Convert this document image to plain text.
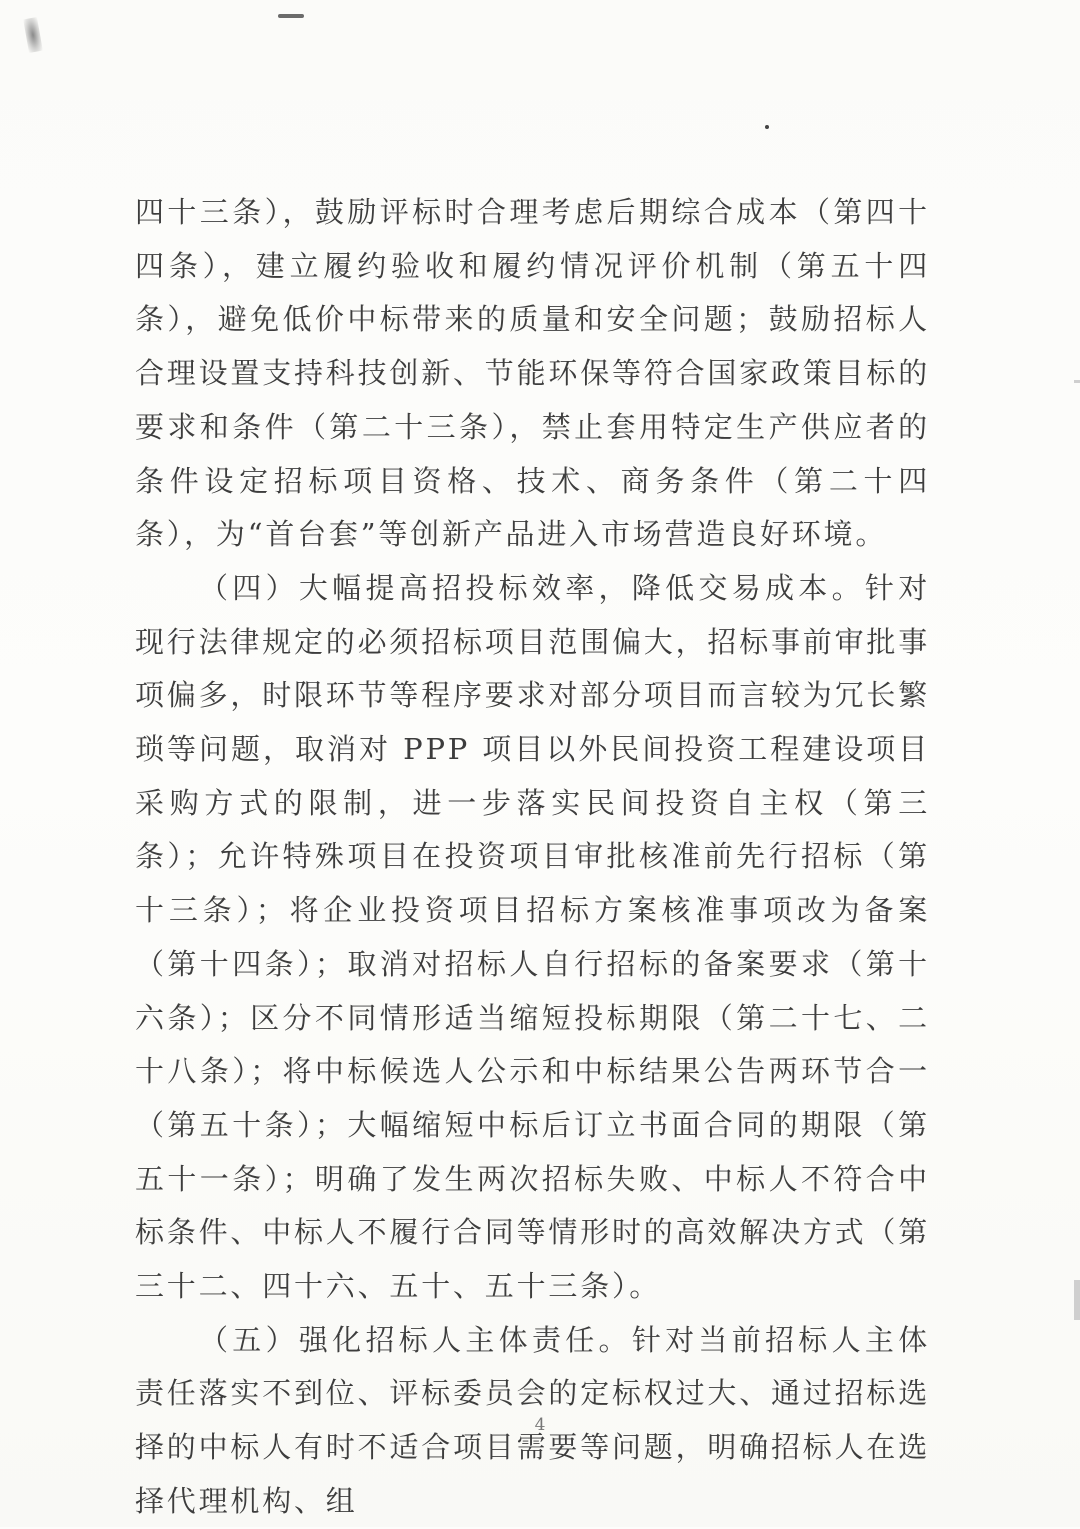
四十三条），鼓励评标时合理考虑后期综合成本（第四十四条），建立履约验收和履约情况评价机制（第五十四条），避免低价中标带来的质量和安全问题；鼓励招标人合理设置支持科技创新、节能环保等符合国家政策目标的要求和条件（第二十三条），禁止套用特定生产供应者的条件设定招标项目资格、技术、商务条件（第二十四条），为“首台套”等创新产品进入市场营造良好环境。

（四）大幅提高招投标效率，降低交易成本。针对现行法律规定的必须招标项目范围偏大，招标事前审批事项偏多，时限环节等程序要求对部分项目而言较为冗长繁琐等问题，取消对 PPP 项目以外民间投资工程建设项目采购方式的限制，进一步落实民间投资自主权（第三条）；允许特殊项目在投资项目审批核准前先行招标（第十三条）；将企业投资项目招标方案核准事项改为备案（第十四条）；取消对招标人自行招标的备案要求（第十六条）；区分不同情形适当缩短投标期限（第二十七、二十八条）；将中标候选人公示和中标结果公告两环节合一（第五十条）；大幅缩短中标后订立书面合同的期限（第五十一条）；明确了发生两次招标失败、中标人不符合中标条件、中标人不履行合同等情形时的高效解决方式（第三十二、四十六、五十、五十三条）。

（五）强化招标人主体责任。针对当前招标人主体责任落实不到位、评标委员会的定标权过大、通过招标选择的中标人有时不适合项目需要等问题，明确招标人在选择代理机构、组

4
